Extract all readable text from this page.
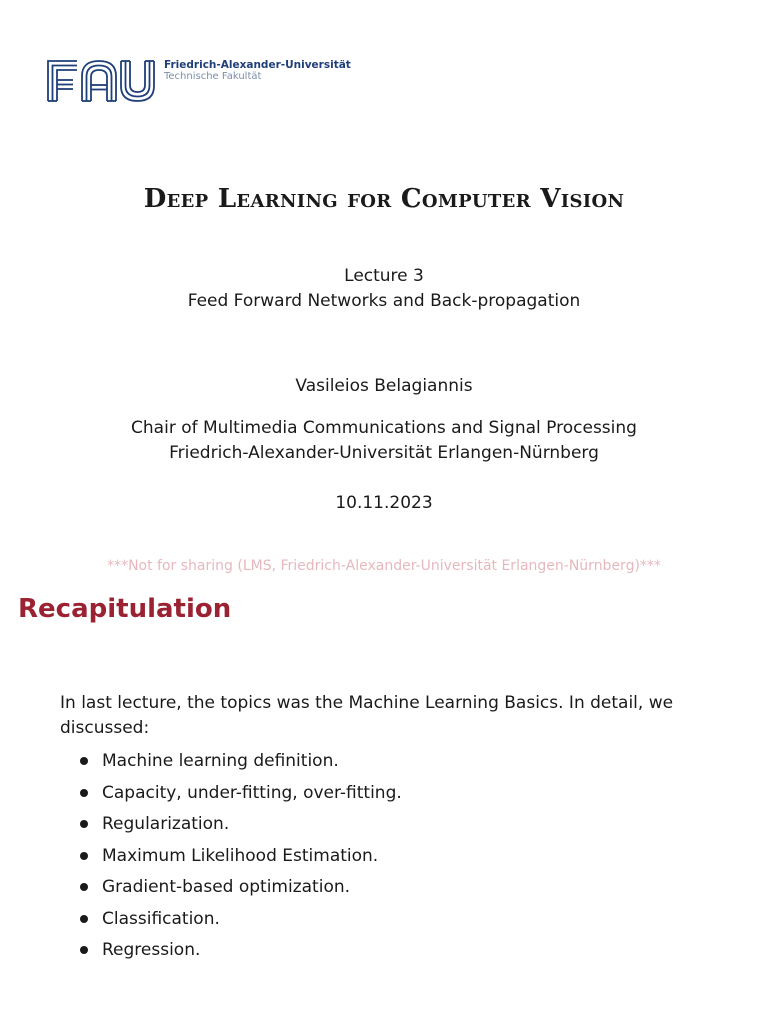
Friedrich-Alexander-Universität
Technische Fakultät
Deep Learning for Computer Vision
Lecture 3
Feed Forward Networks and Back-propagation
Vasileios Belagiannis
Chair of Multimedia Communications and Signal Processing
Friedrich-Alexander-Universität Erlangen-Nürnberg
10.11.2023
***Not for sharing (LMS, Friedrich-Alexander-Universität Erlangen-Nürnberg)***
Recapitulation

In last lecture, the topics was the Machine Learning Basics. In detail, we discussed:

Machine learning definition.
Capacity, under-fitting, over-fitting.
Regularization.
Maximum Likelihood Estimation.
Gradient-based optimization.
Classification.
Regression.
